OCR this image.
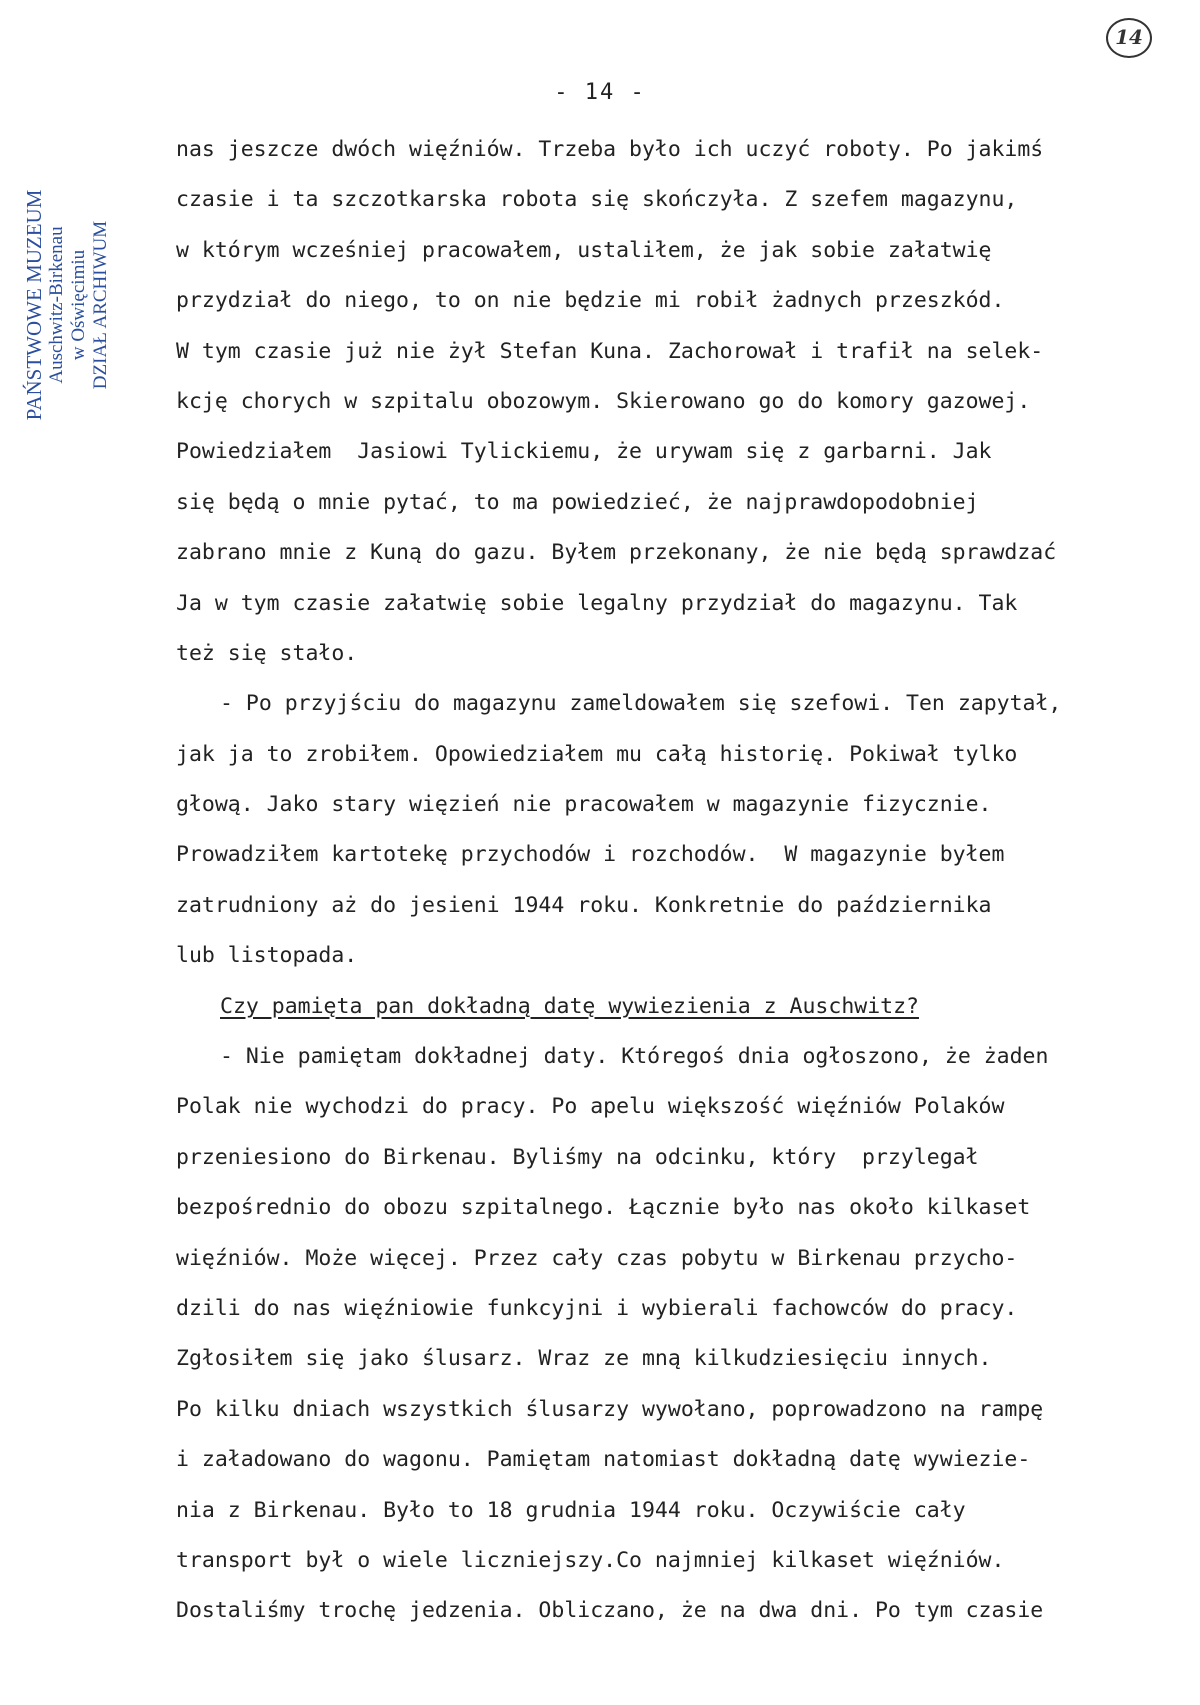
14
- 14 -
PAŃSTWOWE MUZEUM Auschwitz-Birkenau w Oświęcimiu DZIAŁ ARCHIWUM
nas jeszcze dwóch więźniów. Trzeba było ich uczyć roboty. Po jakimś
czasie i ta szczotkarska robota się skończyła. Z szefem magazynu,
w którym wcześniej pracowałem, ustaliłem, że jak sobie załatwię
przydział do niego, to on nie będzie mi robił żadnych przeszkód.
W tym czasie już nie żył Stefan Kuna. Zachorował i trafił na selek-
kcję chorych w szpitalu obozowym. Skierowano go do komory gazowej.
Powiedziałem  Jasiowi Tylickiemu, że urywam się z garbarni. Jak
się będą o mnie pytać, to ma powiedzieć, że najprawdopodobniej
zabrano mnie z Kuną do gazu. Byłem przekonany, że nie będą sprawdzać
Ja w tym czasie załatwię sobie legalny przydział do magazynu. Tak
też się stało.
- Po przyjściu do magazynu zameldowałem się szefowi. Ten zapytał,
jak ja to zrobiłem. Opowiedziałem mu całą historię. Pokiwał tylko
głową. Jako stary więzień nie pracowałem w magazynie fizycznie.
Prowadziłem kartotekę przychodów i rozchodów.  W magazynie byłem
zatrudniony aż do jesieni 1944 roku. Konkretnie do października
lub listopada.
Czy pamięta pan dokładną datę wywiezienia z Auschwitz?
- Nie pamiętam dokładnej daty. Któregoś dnia ogłoszono, że żaden
Polak nie wychodzi do pracy. Po apelu większość więźniów Polaków
przeniesiono do Birkenau. Byliśmy na odcinku, który  przylegał
bezpośrednio do obozu szpitalnego. Łącznie było nas około kilkaset
więźniów. Może więcej. Przez cały czas pobytu w Birkenau przycho-
dzili do nas więźniowie funkcyjni i wybierali fachowców do pracy.
Zgłosiłem się jako ślusarz. Wraz ze mną kilkudziesięciu innych.
Po kilku dniach wszystkich ślusarzy wywołano, poprowadzono na rampę
i załadowano do wagonu. Pamiętam natomiast dokładną datę wywiezie-
nia z Birkenau. Było to 18 grudnia 1944 roku. Oczywiście cały
transport był o wiele liczniejszy.Co najmniej kilkaset więźniów.
Dostaliśmy trochę jedzenia. Obliczano, że na dwa dni. Po tym czasie
